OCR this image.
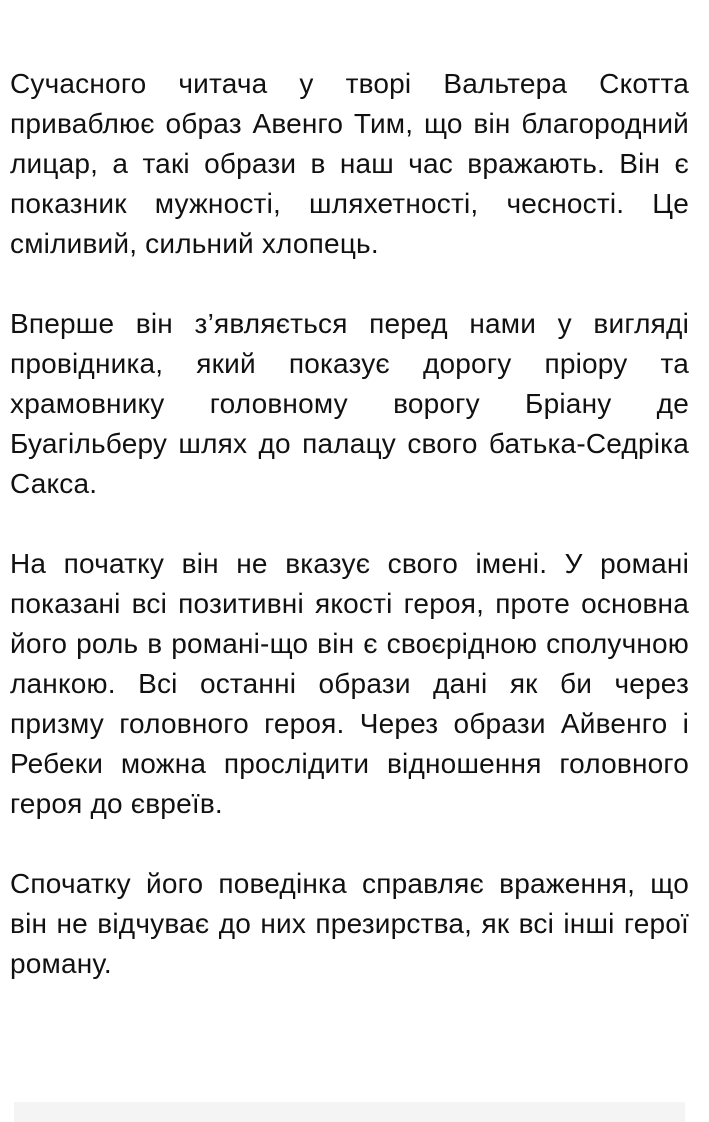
Сучасного читача у творі Вальтера Скотта приваблює образ Авенго Тим, що він благородний лицар, а такі образи в наш час вражають. Він є показник мужності, шляхетності, чесності. Це сміливий, сильний хлопець.

Вперше він з’являється перед нами у вигляді провідника, який показує дорогу пріору та храмовнику головному ворогу Бріану де Буагільберу шлях до палацу свого батька-Седріка Сакса.

На початку він не вказує свого імені. У романі показані всі позитивні якості героя, проте основна його роль в романі-що він є своєрідною сполучною ланкою. Всі останні образи дані як би через призму головного героя. Через образи Айвенго і Ребеки можна прослідити відношення головного героя до євреїв.

Спочатку його поведінка справляє враження, що він не відчуває до них презирства, як всі інші герої роману.
